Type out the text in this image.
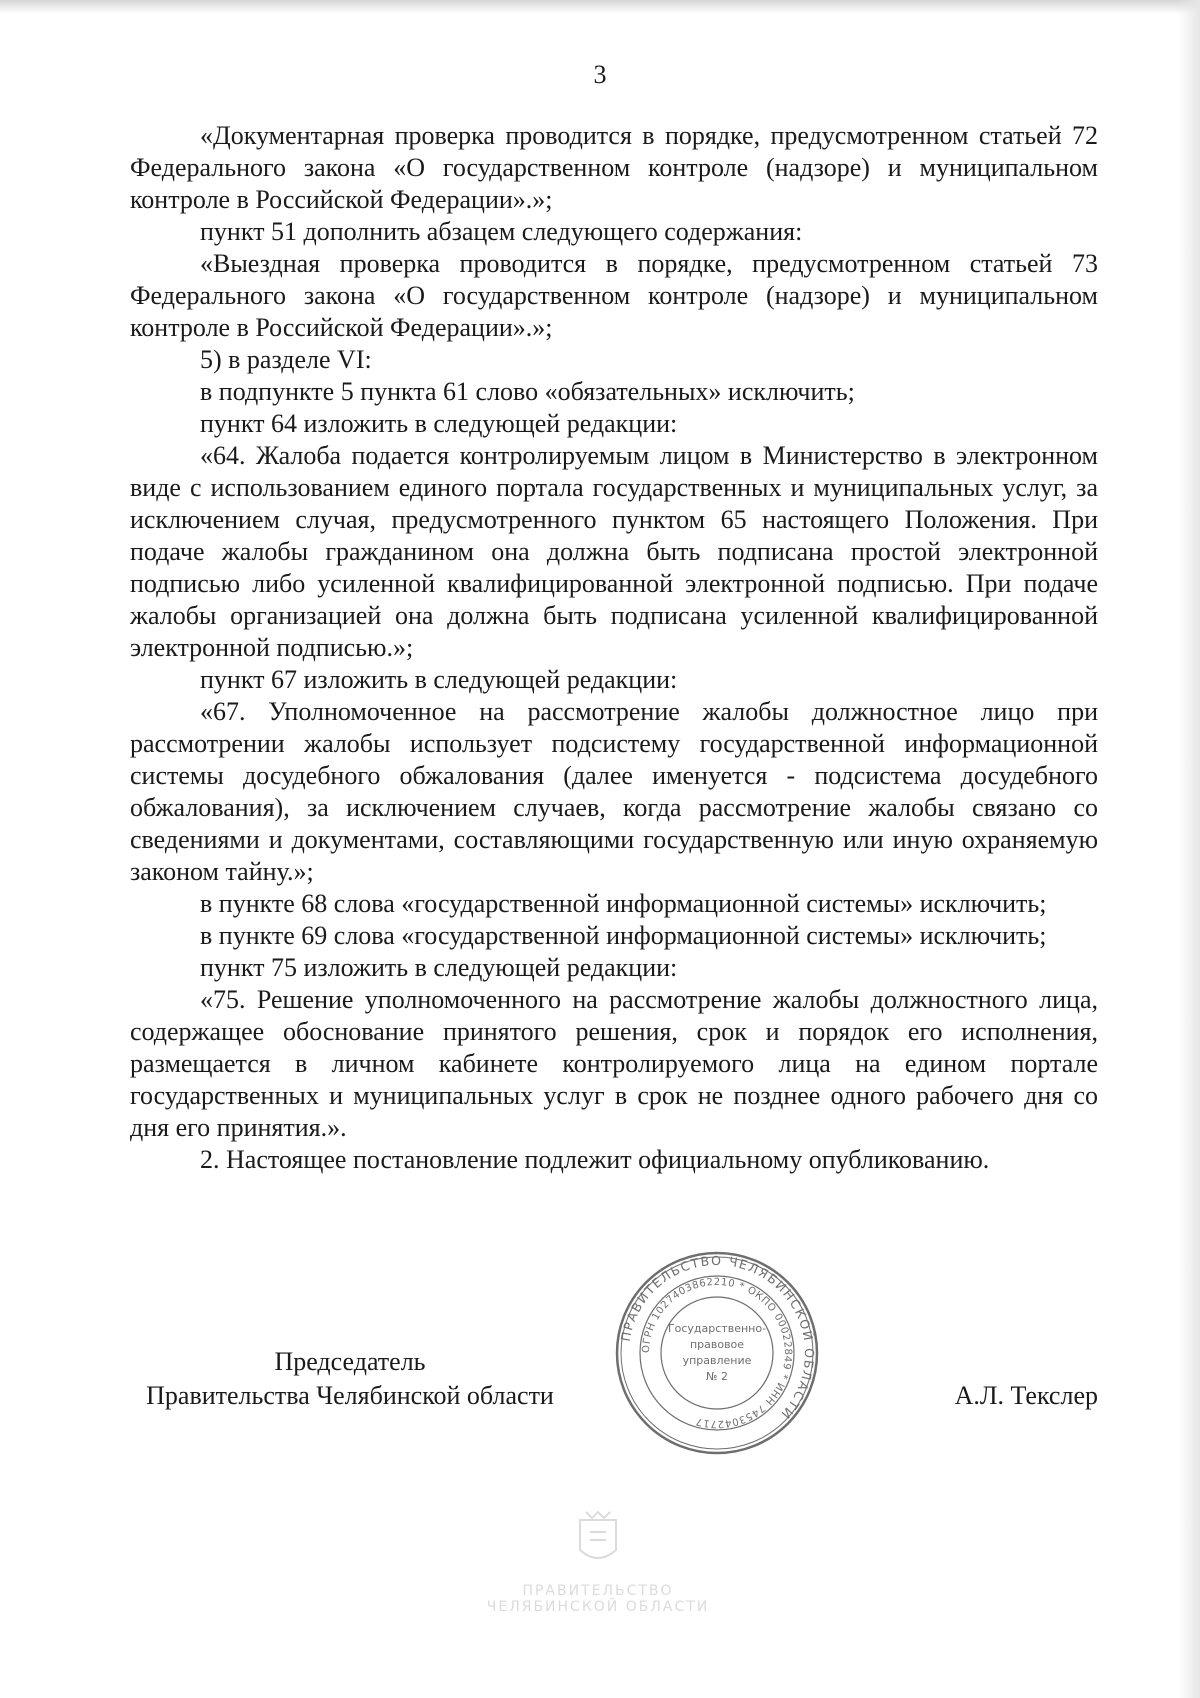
3

«Документарная проверка проводится в порядке, предусмотренном статьей 72 Федерального закона «О государственном контроле (надзоре) и муниципальном контроле в Российской Федерации».»;

пункт 51 дополнить абзацем следующего содержания:

«Выездная проверка проводится в порядке, предусмотренном статьей 73 Федерального закона «О государственном контроле (надзоре) и муниципальном контроле в Российской Федерации».»;

5) в разделе VI:

в подпункте 5 пункта 61 слово «обязательных» исключить;

пункт 64 изложить в следующей редакции:

«64. Жалоба подается контролируемым лицом в Министерство в электронном виде с использованием единого портала государственных и муниципальных услуг, за исключением случая, предусмотренного пунктом 65 настоящего Положения. При подаче жалобы гражданином она должна быть подписана простой электронной подписью либо усиленной квалифицированной электронной подписью. При подаче жалобы организацией она должна быть подписана усиленной квалифицированной электронной подписью.»;

пункт 67 изложить в следующей редакции:

«67. Уполномоченное на рассмотрение жалобы должностное лицо при рассмотрении жалобы использует подсистему государственной информационной системы досудебного обжалования (далее именуется - подсистема досудебного обжалования), за исключением случаев, когда рассмотрение жалобы связано со сведениями и документами, составляющими государственную или иную охраняемую законом тайну.»;

в пункте 68 слова «государственной информационной системы» исключить;

в пункте 69 слова «государственной информационной системы» исключить;

пункт 75 изложить в следующей редакции:

«75. Решение уполномоченного на рассмотрение жалобы должностного лица, содержащее обоснование принятого решения, срок и порядок его исполнения, размещается в личном кабинете контролируемого лица на едином портале государственных и муниципальных услуг в срок не позднее одного рабочего дня со дня его принятия.».

2. Настоящее постановление подлежит официальному опубликованию.

Председатель
Правительства Челябинской области	А.Л. Текслер
ПРАВИТЕЛЬСТВО ЧЕЛЯБИНСКОЙ ОБЛАСТИ
ОГРН 1027403862210 * ОКПО 00022849 * ИНН 7453042717
Государственно-
правовое
управление
№ 2
ПРАВИТЕЛЬСТВО
ЧЕЛЯБИНСКОЙ ОБЛАСТИ
